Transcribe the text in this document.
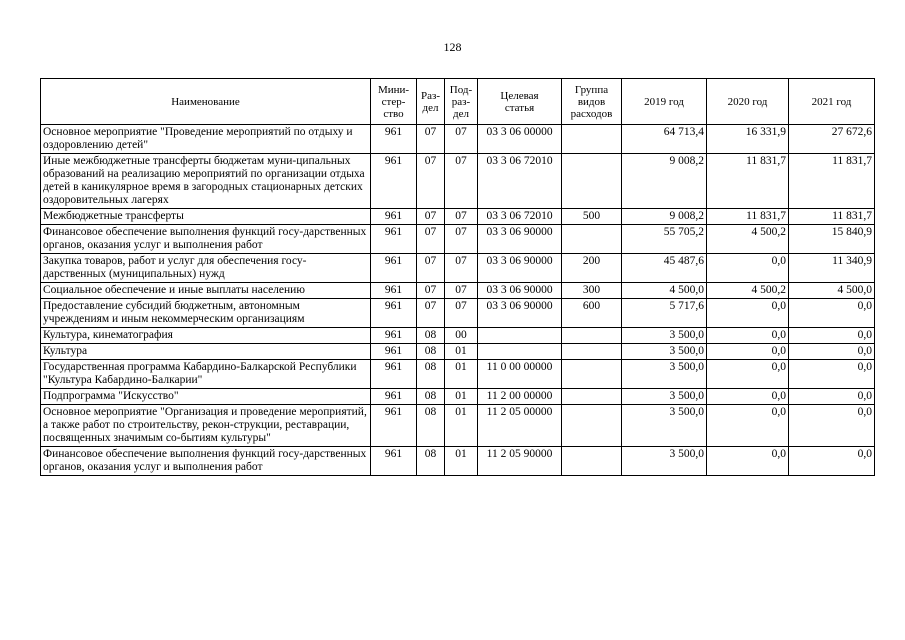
128
Наименование	Мини-
стер-
ство	Раз-
дел	Под-
раз-
дел	Целевая
статья	Группа
видов
расходов	2019 год	2020 год	2021 год
Основное мероприятие "Проведение мероприятий по отдыху и оздоровлению детей"	961	07	07	03 3 06 00000		64 713,4	16 331,9	27 672,6
Иные межбюджетные трансферты бюджетам муни-ципальных образований на реализацию мероприятий по организации отдыха детей в каникулярное время в загородных стационарных детских оздоровительных лагерях	961	07	07	03 3 06 72010		9 008,2	11 831,7	11 831,7
Межбюджетные трансферты	961	07	07	03 3 06 72010	500	9 008,2	11 831,7	11 831,7
Финансовое обеспечение выполнения функций госу-дарственных органов, оказания услуг и выполнения работ	961	07	07	03 3 06 90000		55 705,2	4 500,2	15 840,9
Закупка товаров, работ и услуг для обеспечения госу-дарственных (муниципальных) нужд	961	07	07	03 3 06 90000	200	45 487,6	0,0	11 340,9
Социальное обеспечение и иные выплаты населению	961	07	07	03 3 06 90000	300	4 500,0	4 500,2	4 500,0
Предоставление субсидий бюджетным, автономным учреждениям и иным некоммерческим организациям	961	07	07	03 3 06 90000	600	5 717,6	0,0	0,0
Культура, кинематография	961	08	00			3 500,0	0,0	0,0
Культура	961	08	01			3 500,0	0,0	0,0
Государственная программа Кабардино-Балкарской Республики "Культура Кабардино-Балкарии"	961	08	01	11 0 00 00000		3 500,0	0,0	0,0
Подпрограмма "Искусство"	961	08	01	11 2 00 00000		3 500,0	0,0	0,0
Основное мероприятие "Организация и проведение мероприятий, а также работ по строительству, рекон-струкции, реставрации, посвященных значимым со-бытиям культуры"	961	08	01	11 2 05 00000		3 500,0	0,0	0,0
Финансовое обеспечение выполнения функций госу-дарственных органов, оказания услуг и выполнения работ	961	08	01	11 2 05 90000		3 500,0	0,0	0,0
